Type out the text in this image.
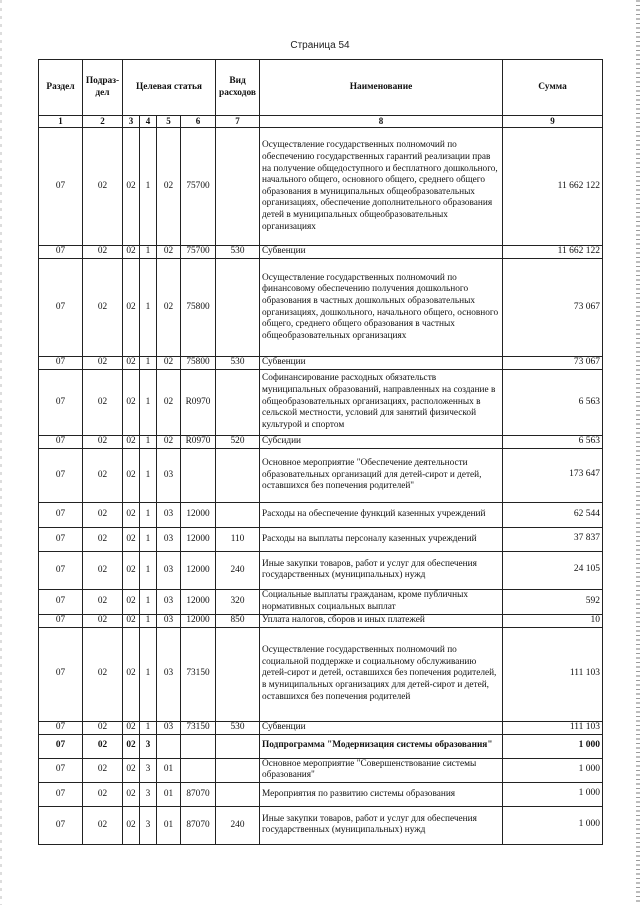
Страница 54
Раздел	Подраз-дел	Целевая статья				Вид расходов	Наименование	Сумма
1	2	3	4	5	6	7	8	9
07	02	02	1	02	75700		Осуществление государственных полномочий по обеспечению государственных гарантий реализации прав на получение общедоступного и бесплатного дошкольного, начального общего, основного общего, среднего общего образования в муниципальных общеобразовательных организациях, обеспечение дополнительного образования детей в муниципальных общеобразовательных организациях	11 662 122
07	02	02	1	02	75700	530	Субвенции	11 662 122
07	02	02	1	02	75800		Осуществление государственных полномочий по финансовому обеспечению получения дошкольного образования в частных дошкольных образовательных организациях, дошкольного, начального общего, основного общего, среднего общего образования в частных общеобразовательных организациях	73 067
07	02	02	1	02	75800	530	Субвенции	73 067
07	02	02	1	02	R0970		Софинансирование расходных обязательств муниципальных образований, направленных на создание в общеобразовательных организациях, расположенных в сельской местности, условий для занятий физической культурой и спортом	6 563
07	02	02	1	02	R0970	520	Субсидии	6 563
07	02	02	1	03			Основное мероприятие "Обеспечение деятельности образовательных организаций для детей-сирот и детей, оставшихся без попечения родителей"	173 647
07	02	02	1	03	12000		Расходы на обеспечение функций казенных учреждений	62 544
07	02	02	1	03	12000	110	Расходы на выплаты персоналу казенных учреждений	37 837
07	02	02	1	03	12000	240	Иные закупки товаров, работ и услуг для обеспечения государственных (муниципальных) нужд	24 105
07	02	02	1	03	12000	320	Социальные выплаты гражданам, кроме публичных нормативных социальных выплат	592
07	02	02	1	03	12000	850	Уплата налогов, сборов и иных платежей	10
07	02	02	1	03	73150		Осуществление государственных полномочий по социальной поддержке и социальному обслуживанию детей-сирот и детей, оставшихся без попечения родителей, в муниципальных организациях для детей-сирот и детей, оставшихся без попечения родителей	111 103
07	02	02	1	03	73150	530	Субвенции	111 103
07	02	02	3				Подпрограмма "Модернизация системы образования"	1 000
07	02	02	3	01			Основное мероприятие "Совершенствование системы образования"	1 000
07	02	02	3	01	87070		Мероприятия по развитию системы образования	1 000
07	02	02	3	01	87070	240	Иные закупки товаров, работ и услуг для обеспечения государственных (муниципальных) нужд	1 000
